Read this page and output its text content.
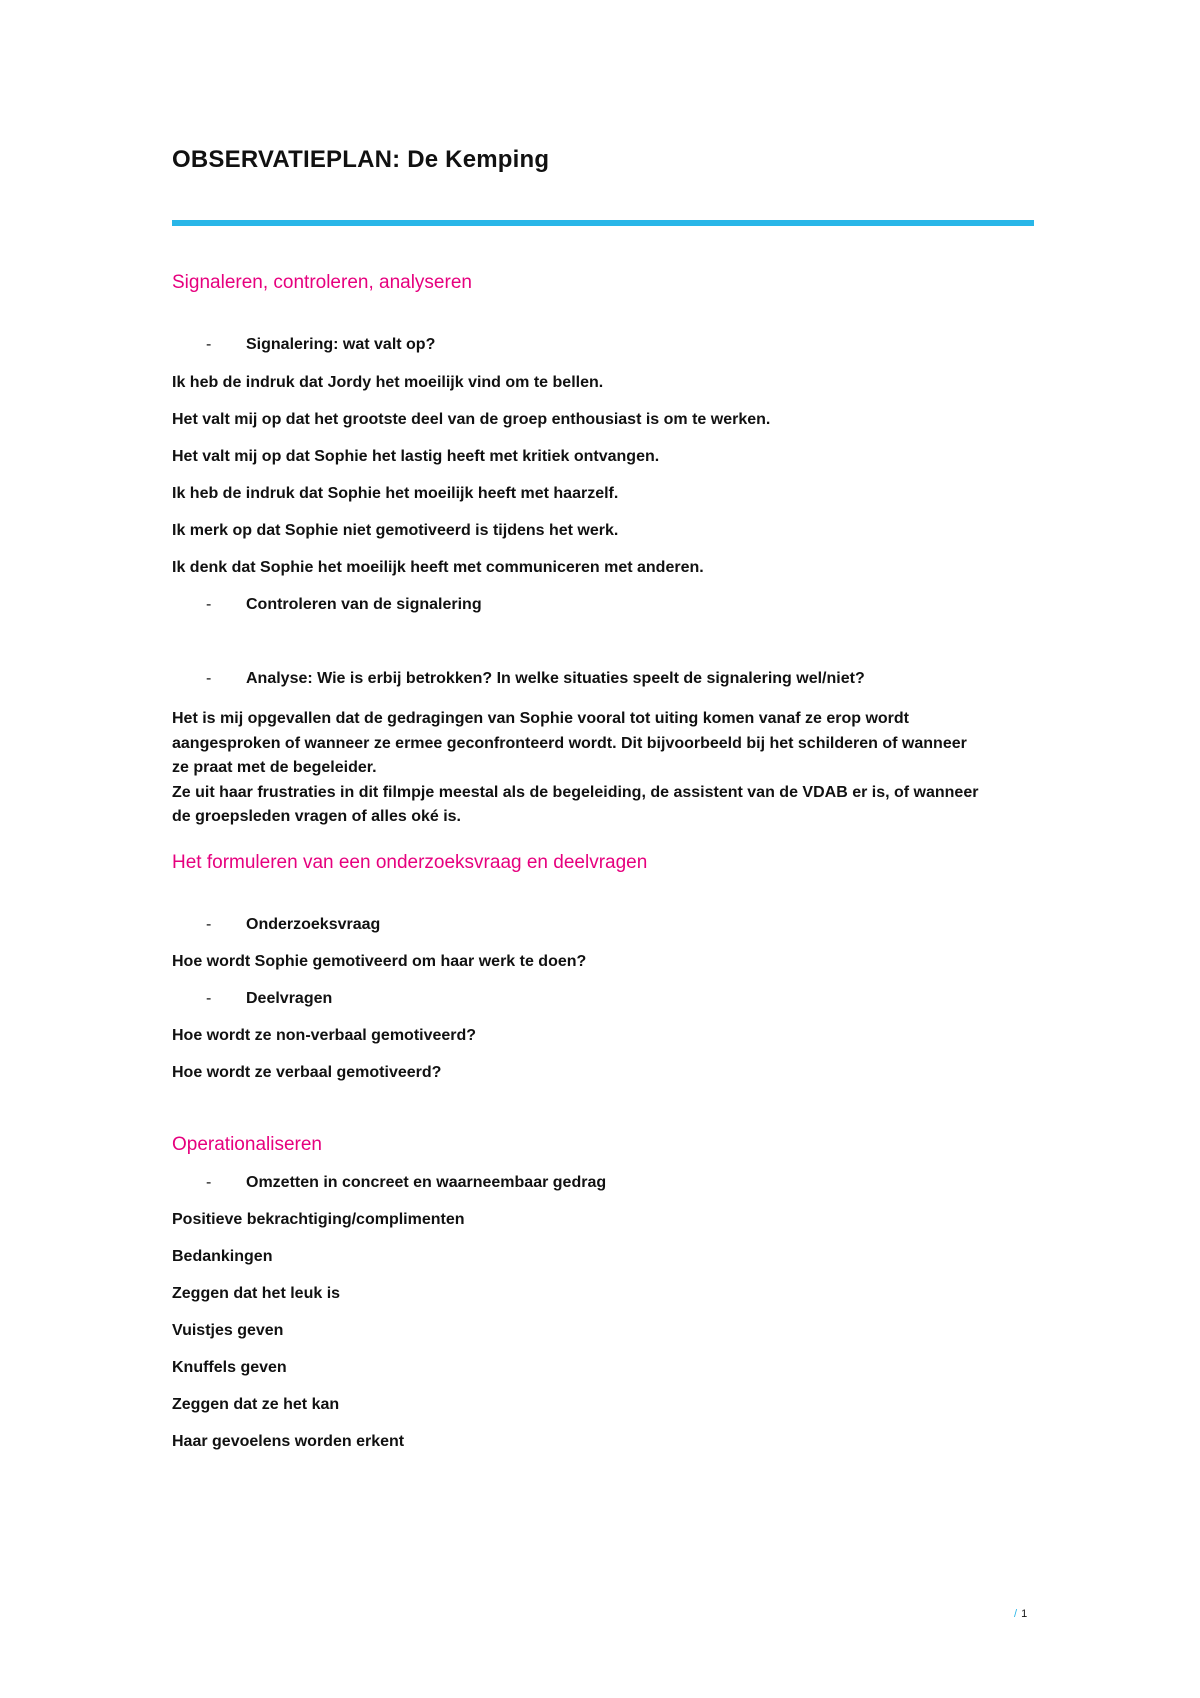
OBSERVATIEPLAN: De Kemping
Signaleren, controleren, analyseren
- Signalering: wat valt op?
Ik heb de indruk dat Jordy het moeilijk vind om te bellen.
Het valt mij op dat het grootste deel van de groep enthousiast is om te werken.
Het valt mij op dat Sophie het lastig heeft met kritiek ontvangen.
Ik heb de indruk dat Sophie het moeilijk heeft met haarzelf.
Ik merk op dat Sophie niet gemotiveerd is tijdens het werk.
Ik denk dat Sophie het moeilijk heeft met communiceren met anderen.
- Controleren van de signalering
- Analyse: Wie is erbij betrokken? In welke situaties speelt de signalering wel/niet?

Het is mij opgevallen dat de gedragingen van Sophie vooral tot uiting komen vanaf ze erop wordt aangesproken of wanneer ze ermee geconfronteerd wordt. Dit bijvoorbeeld bij het schilderen of wanneer ze praat met de begeleider.

Ze uit haar frustraties in dit filmpje meestal als de begeleiding, de assistent van de VDAB er is, of wanneer de groepsleden vragen of alles oké is.

Het formuleren van een onderzoeksvraag en deelvragen
- Onderzoeksvraag
Hoe wordt Sophie gemotiveerd om haar werk te doen?
- Deelvragen
Hoe wordt ze non-verbaal gemotiveerd?
Hoe wordt ze verbaal gemotiveerd?
Operationaliseren
- Omzetten in concreet en waarneembaar gedrag
Positieve bekrachtiging/complimenten
Bedankingen
Zeggen dat het leuk is
Vuistjes geven
Knuffels geven
Zeggen dat ze het kan
Haar gevoelens worden erkent
/ 1
